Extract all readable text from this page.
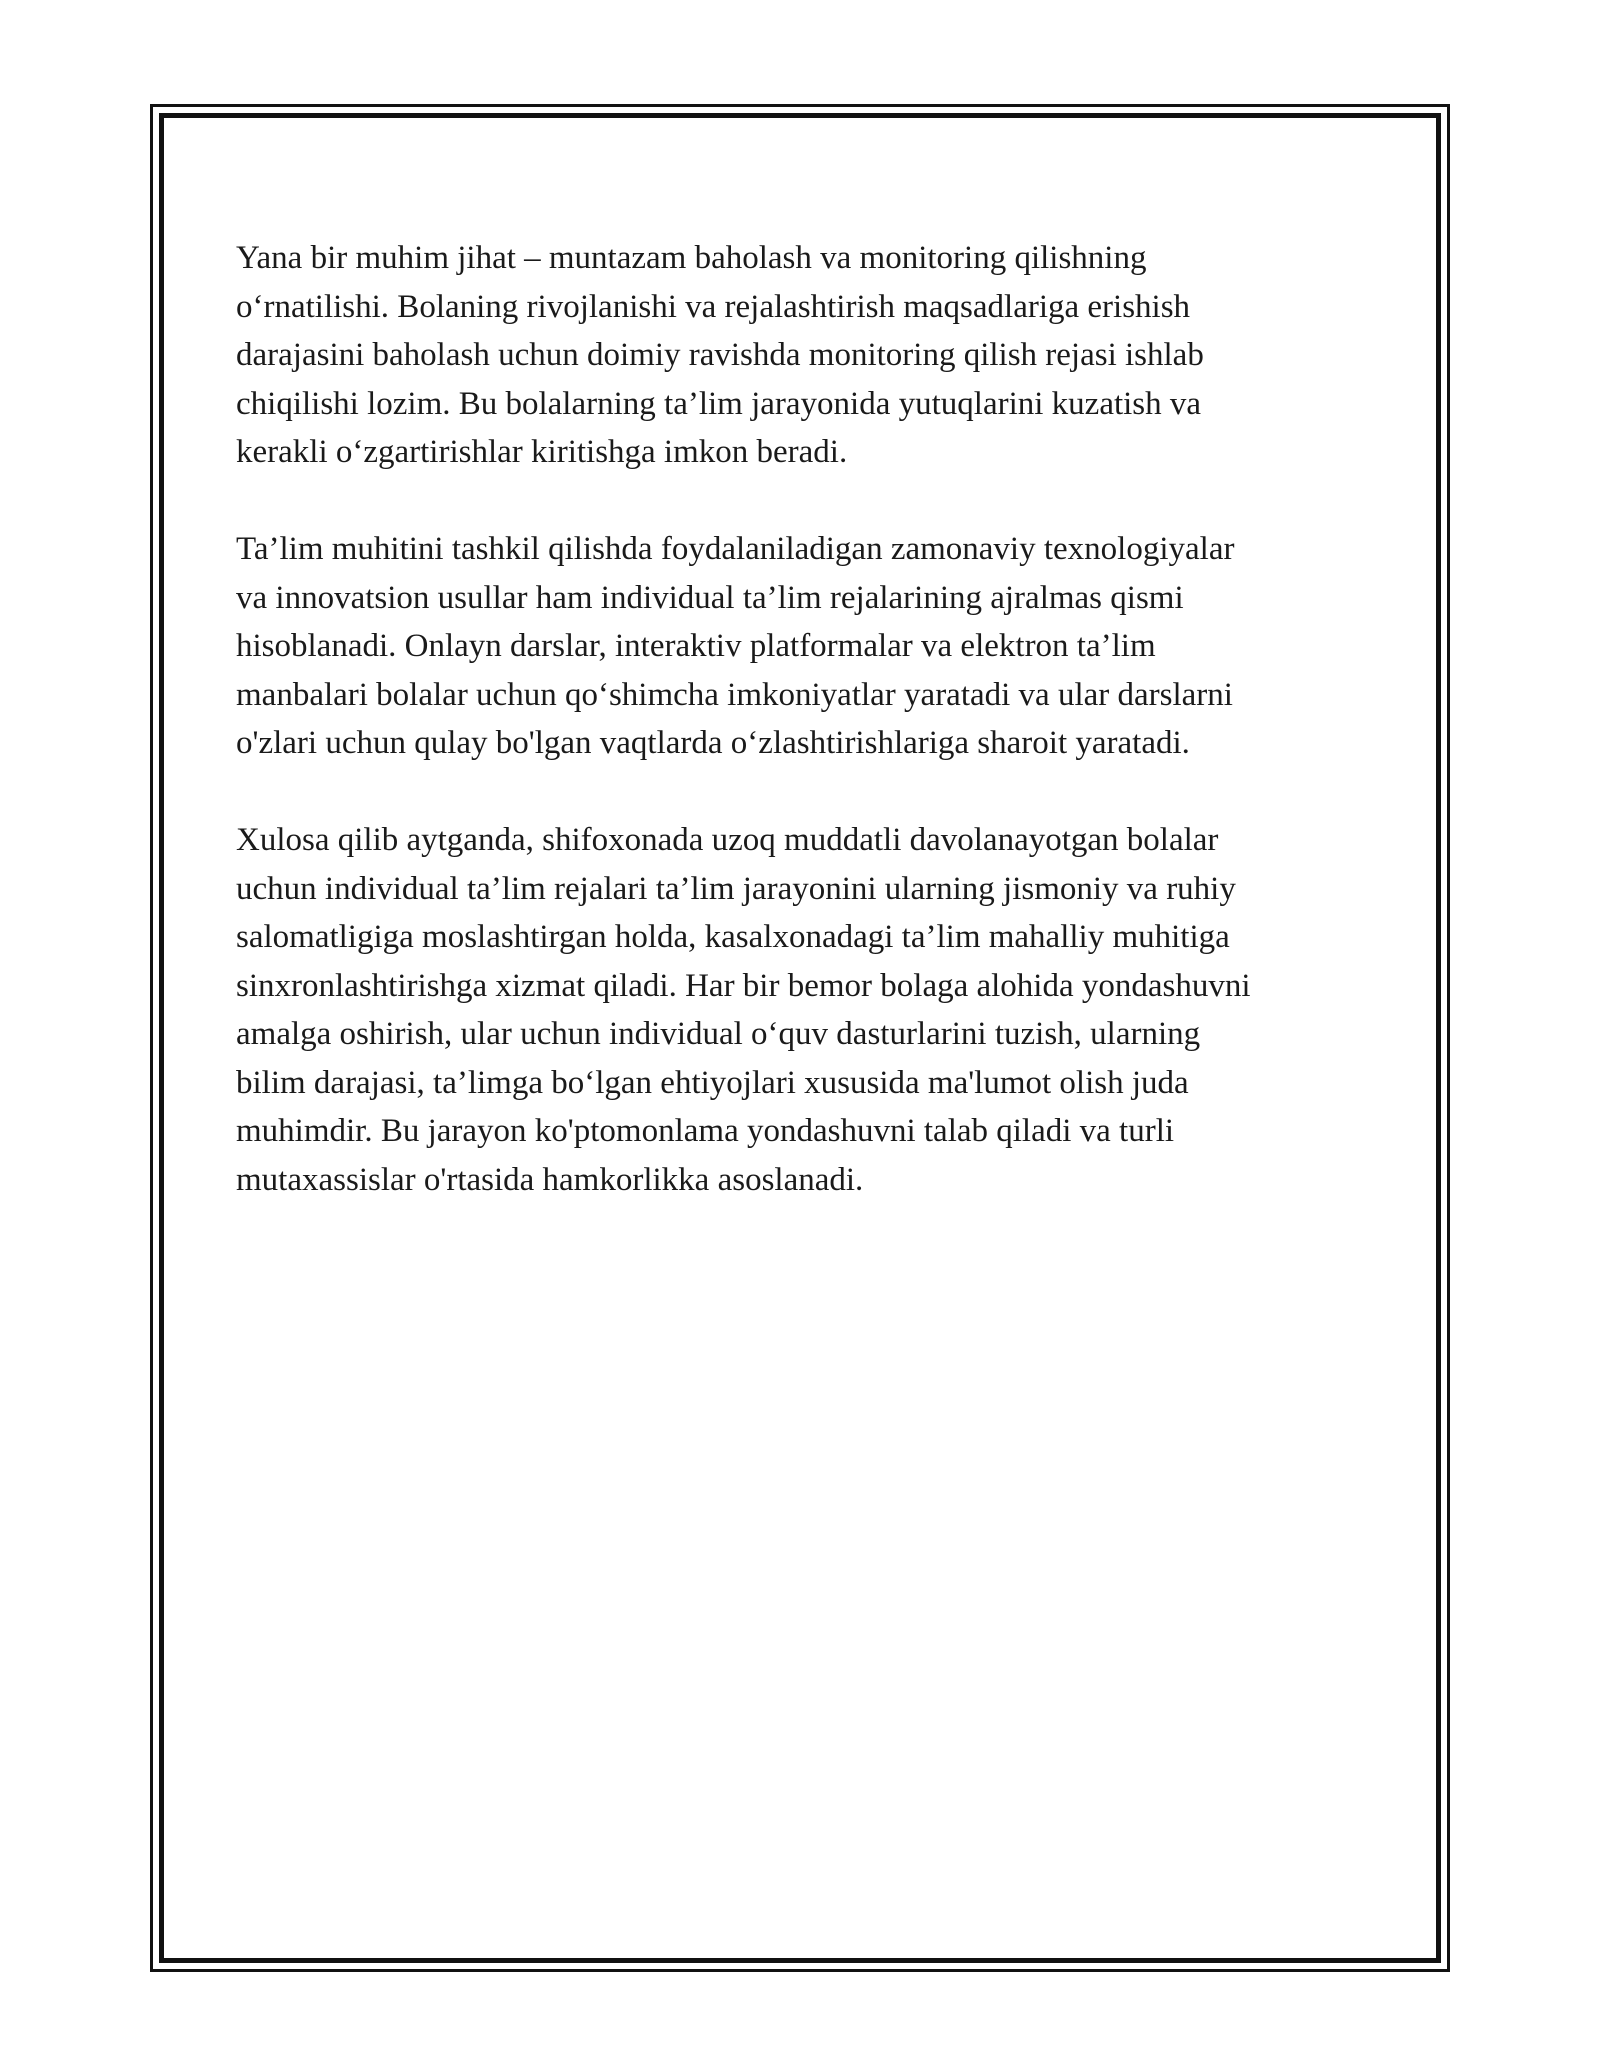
Yana bir muhim jihat – muntazam baholash va monitoring qilishning
o‘rnatilishi. Bolaning rivojlanishi va rejalashtirish maqsadlariga erishish
darajasini baholash uchun doimiy ravishda monitoring qilish rejasi ishlab
chiqilishi lozim. Bu bolalarning ta’lim jarayonida yutuqlarini kuzatish va
kerakli o‘zgartirishlar kiritishga imkon beradi.

Ta’lim muhitini tashkil qilishda foydalaniladigan zamonaviy texnologiyalar
va innovatsion usullar ham individual ta’lim rejalarining ajralmas qismi
hisoblanadi. Onlayn darslar, interaktiv platformalar va elektron ta’lim
manbalari bolalar uchun qo‘shimcha imkoniyatlar yaratadi va ular darslarni
o'zlari uchun qulay bo'lgan vaqtlarda o‘zlashtirishlariga sharoit yaratadi.

Xulosa qilib aytganda, shifoxonada uzoq muddatli davolanayotgan bolalar
uchun individual ta’lim rejalari ta’lim jarayonini ularning jismoniy va ruhiy
salomatligiga moslashtirgan holda, kasalxonadagi ta’lim mahalliy muhitiga
sinxronlashtirishga xizmat qiladi. Har bir bemor bolaga alohida yondashuvni
amalga oshirish, ular uchun individual o‘quv dasturlarini tuzish, ularning
bilim darajasi, ta’limga bo‘lgan ehtiyojlari xususida ma'lumot olish juda
muhimdir. Bu jarayon ko'ptomonlama yondashuvni talab qiladi va turli
mutaxassislar o'rtasida hamkorlikka asoslanadi.
